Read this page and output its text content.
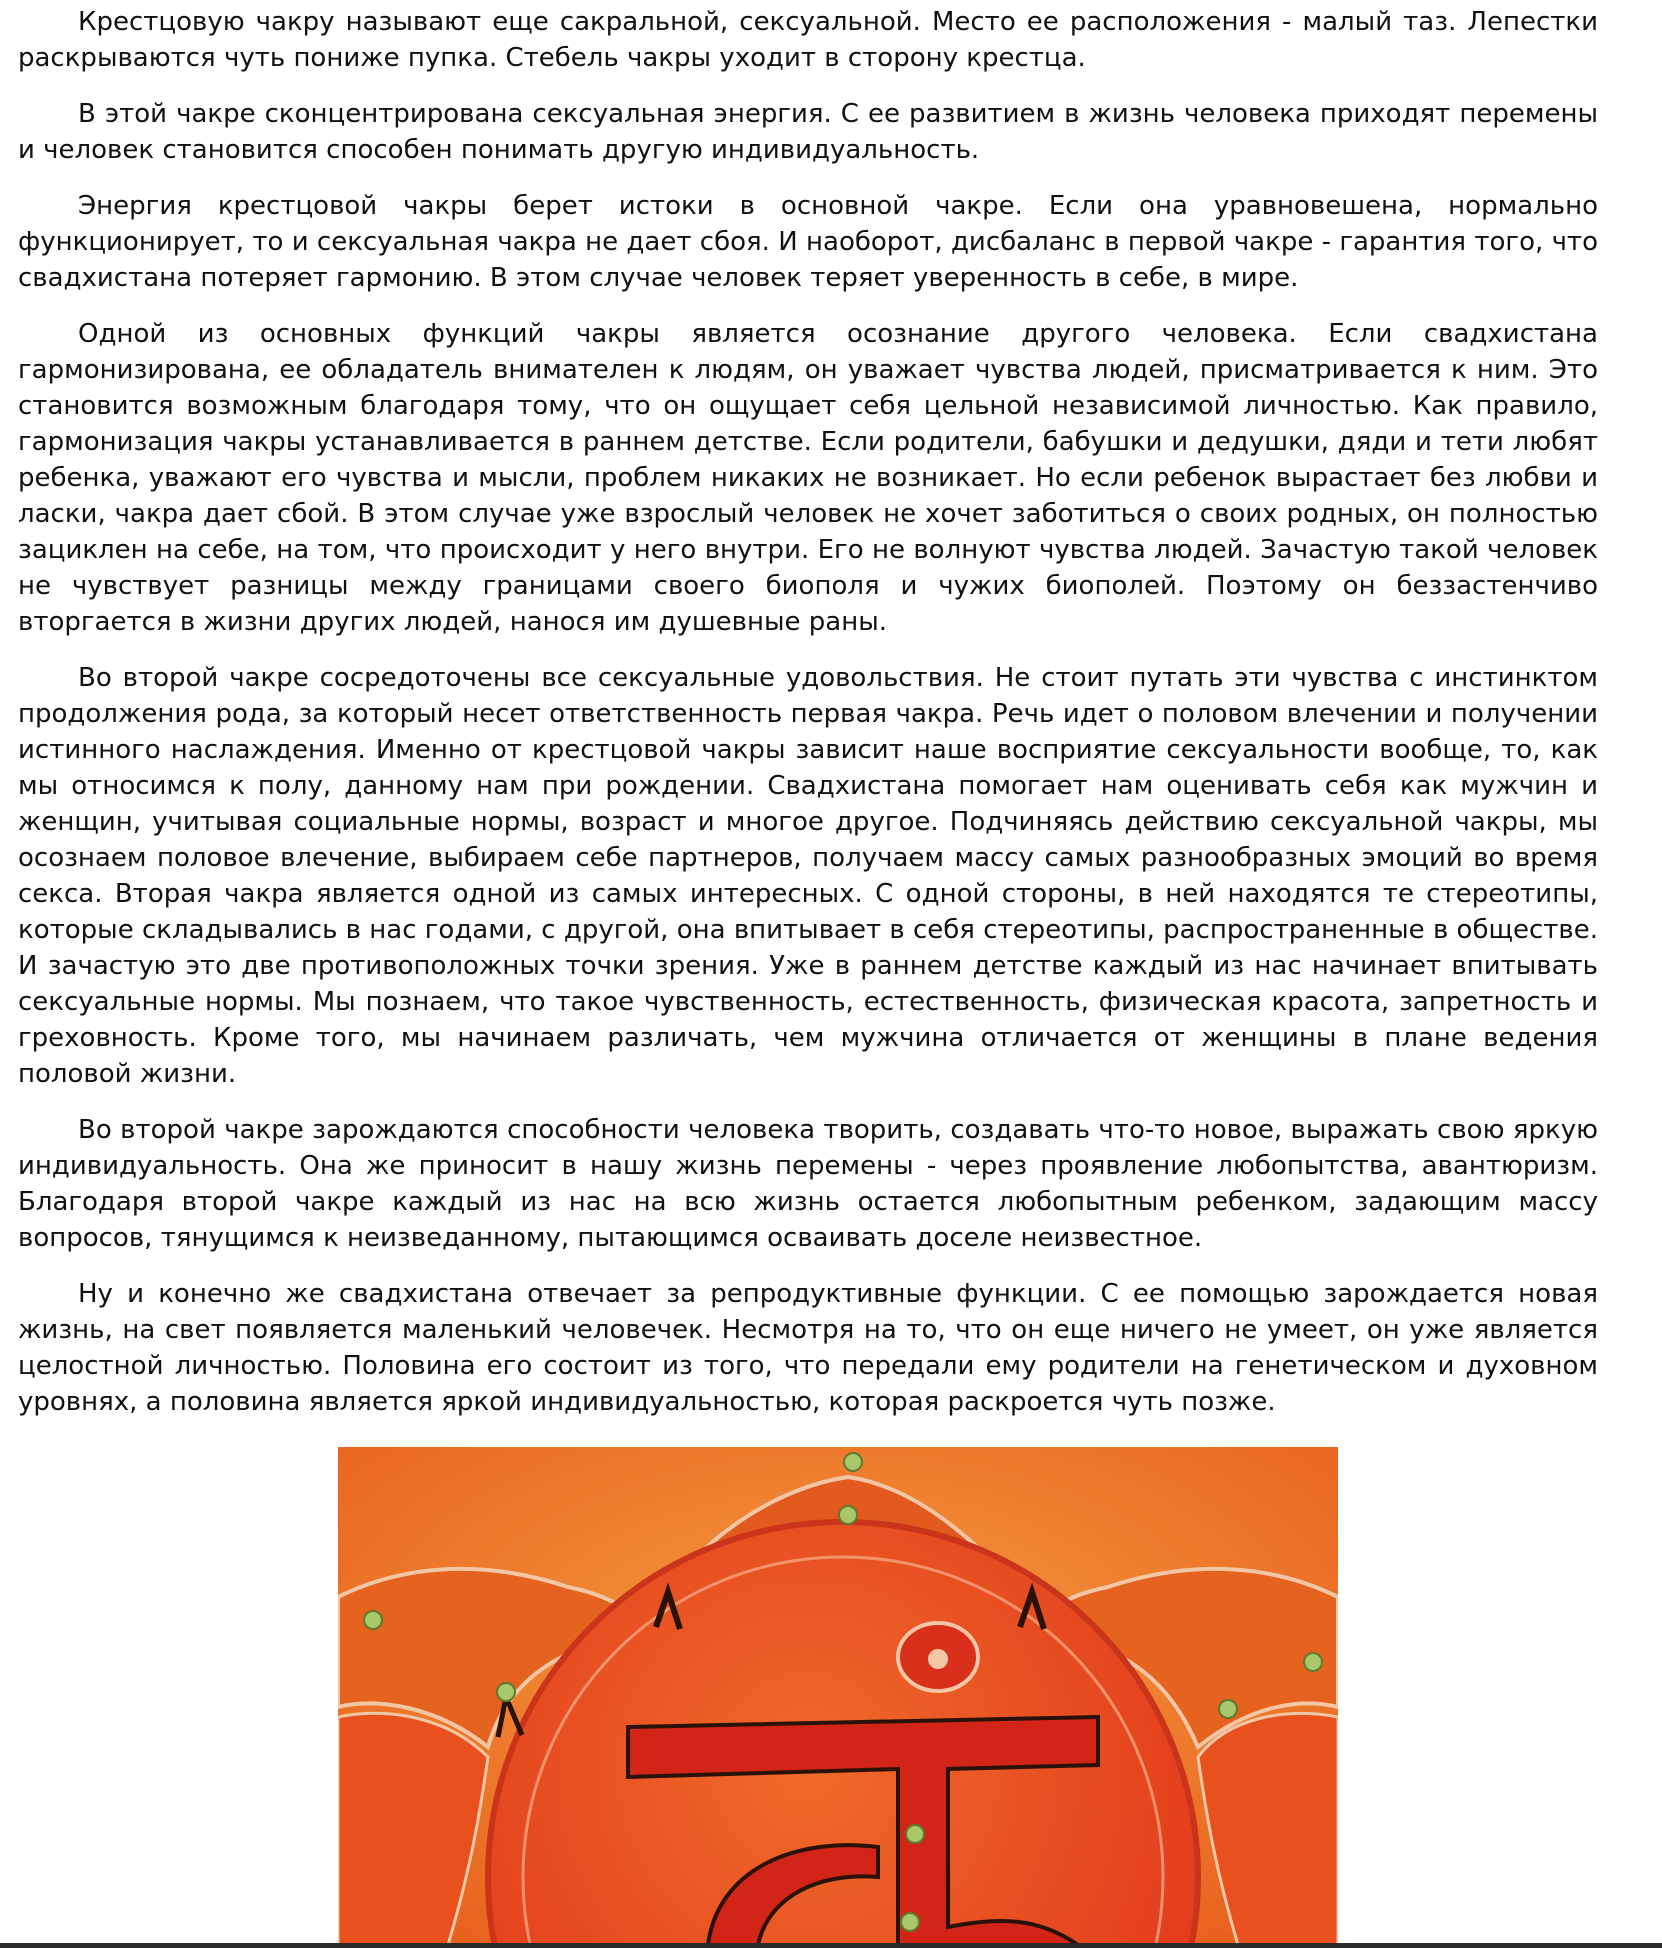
Крестцовую чакру называют еще сакральной, сексуальной. Место ее расположения - малый таз. Лепестки раскрываются чуть пониже пупка. Стебель чакры уходит в сторону крестца.

В этой чакре сконцентрирована сексуальная энергия. С ее развитием в жизнь человека приходят перемены и человек становится способен понимать другую индивидуальность.

Энергия крестцовой чакры берет истоки в основной чакре. Если она уравновешена, нормально функционирует, то и сексуальная чакра не дает сбоя. И наоборот, дисбаланс в первой чакре - гарантия того, что свадхистана потеряет гармонию. В этом случае человек теряет уверенность в себе, в мире.

Одной из основных функций чакры является осознание другого человека. Если свадхистана гармонизирована, ее обладатель внимателен к людям, он уважает чувства людей, присматривается к ним. Это становится возможным благодаря тому, что он ощущает себя цельной независимой личностью. Как правило, гармонизация чакры устанавливается в раннем детстве. Если родители, бабушки и дедушки, дяди и тети любят ребенка, уважают его чувства и мысли, проблем никаких не возникает. Но если ребенок вырастает без любви и ласки, чакра дает сбой. В этом случае уже взрослый человек не хочет заботиться о своих родных, он полностью зациклен на себе, на том, что происходит у него внутри. Его не волнуют чувства людей. Зачастую такой человек не чувствует разницы между границами своего биополя и чужих биополей. Поэтому он беззастенчиво вторгается в жизни других людей, нанося им душевные раны.

Во второй чакре сосредоточены все сексуальные удовольствия. Не стоит путать эти чувства с инстинктом продолжения рода, за который несет ответственность первая чакра. Речь идет о половом влечении и получении истинного наслаждения. Именно от крестцовой чакры зависит наше восприятие сексуальности вообще, то, как мы относимся к полу, данному нам при рождении. Свадхистана помогает нам оценивать себя как мужчин и женщин, учитывая социальные нормы, возраст и многое другое. Подчиняясь действию сексуальной чакры, мы осознаем половое влечение, выбираем себе партнеров, получаем массу самых разнообразных эмоций во время секса. Вторая чакра является одной из самых интересных. С одной стороны, в ней находятся те стереотипы, которые складывались в нас годами, с другой, она впитывает в себя стереотипы, распространенные в обществе. И зачастую это две противоположных точки зрения. Уже в раннем детстве каждый из нас начинает впитывать сексуальные нормы. Мы познаем, что такое чувственность, естественность, физическая красота, запретность и греховность. Кроме того, мы начинаем различать, чем мужчина отличается от женщины в плане ведения половой жизни.

Во второй чакре зарождаются способности человека творить, создавать что-то новое, выражать свою яркую индивидуальность. Она же приносит в нашу жизнь перемены - через проявление любопытства, авантюризм. Благодаря второй чакре каждый из нас на всю жизнь остается любопытным ребенком, задающим массу вопросов, тянущимся к неизведанному, пытающимся осваивать доселе неизвестное.

Ну и конечно же свадхистана отвечает за репродуктивные функции. С ее помощью зарождается новая жизнь, на свет появляется маленький человечек. Несмотря на то, что он еще ничего не умеет, он уже является целостной личностью. Половина его состоит из того, что передали ему родители на генетическом и духовном уровнях, а половина является яркой индивидуальностью, которая раскроется чуть позже.
